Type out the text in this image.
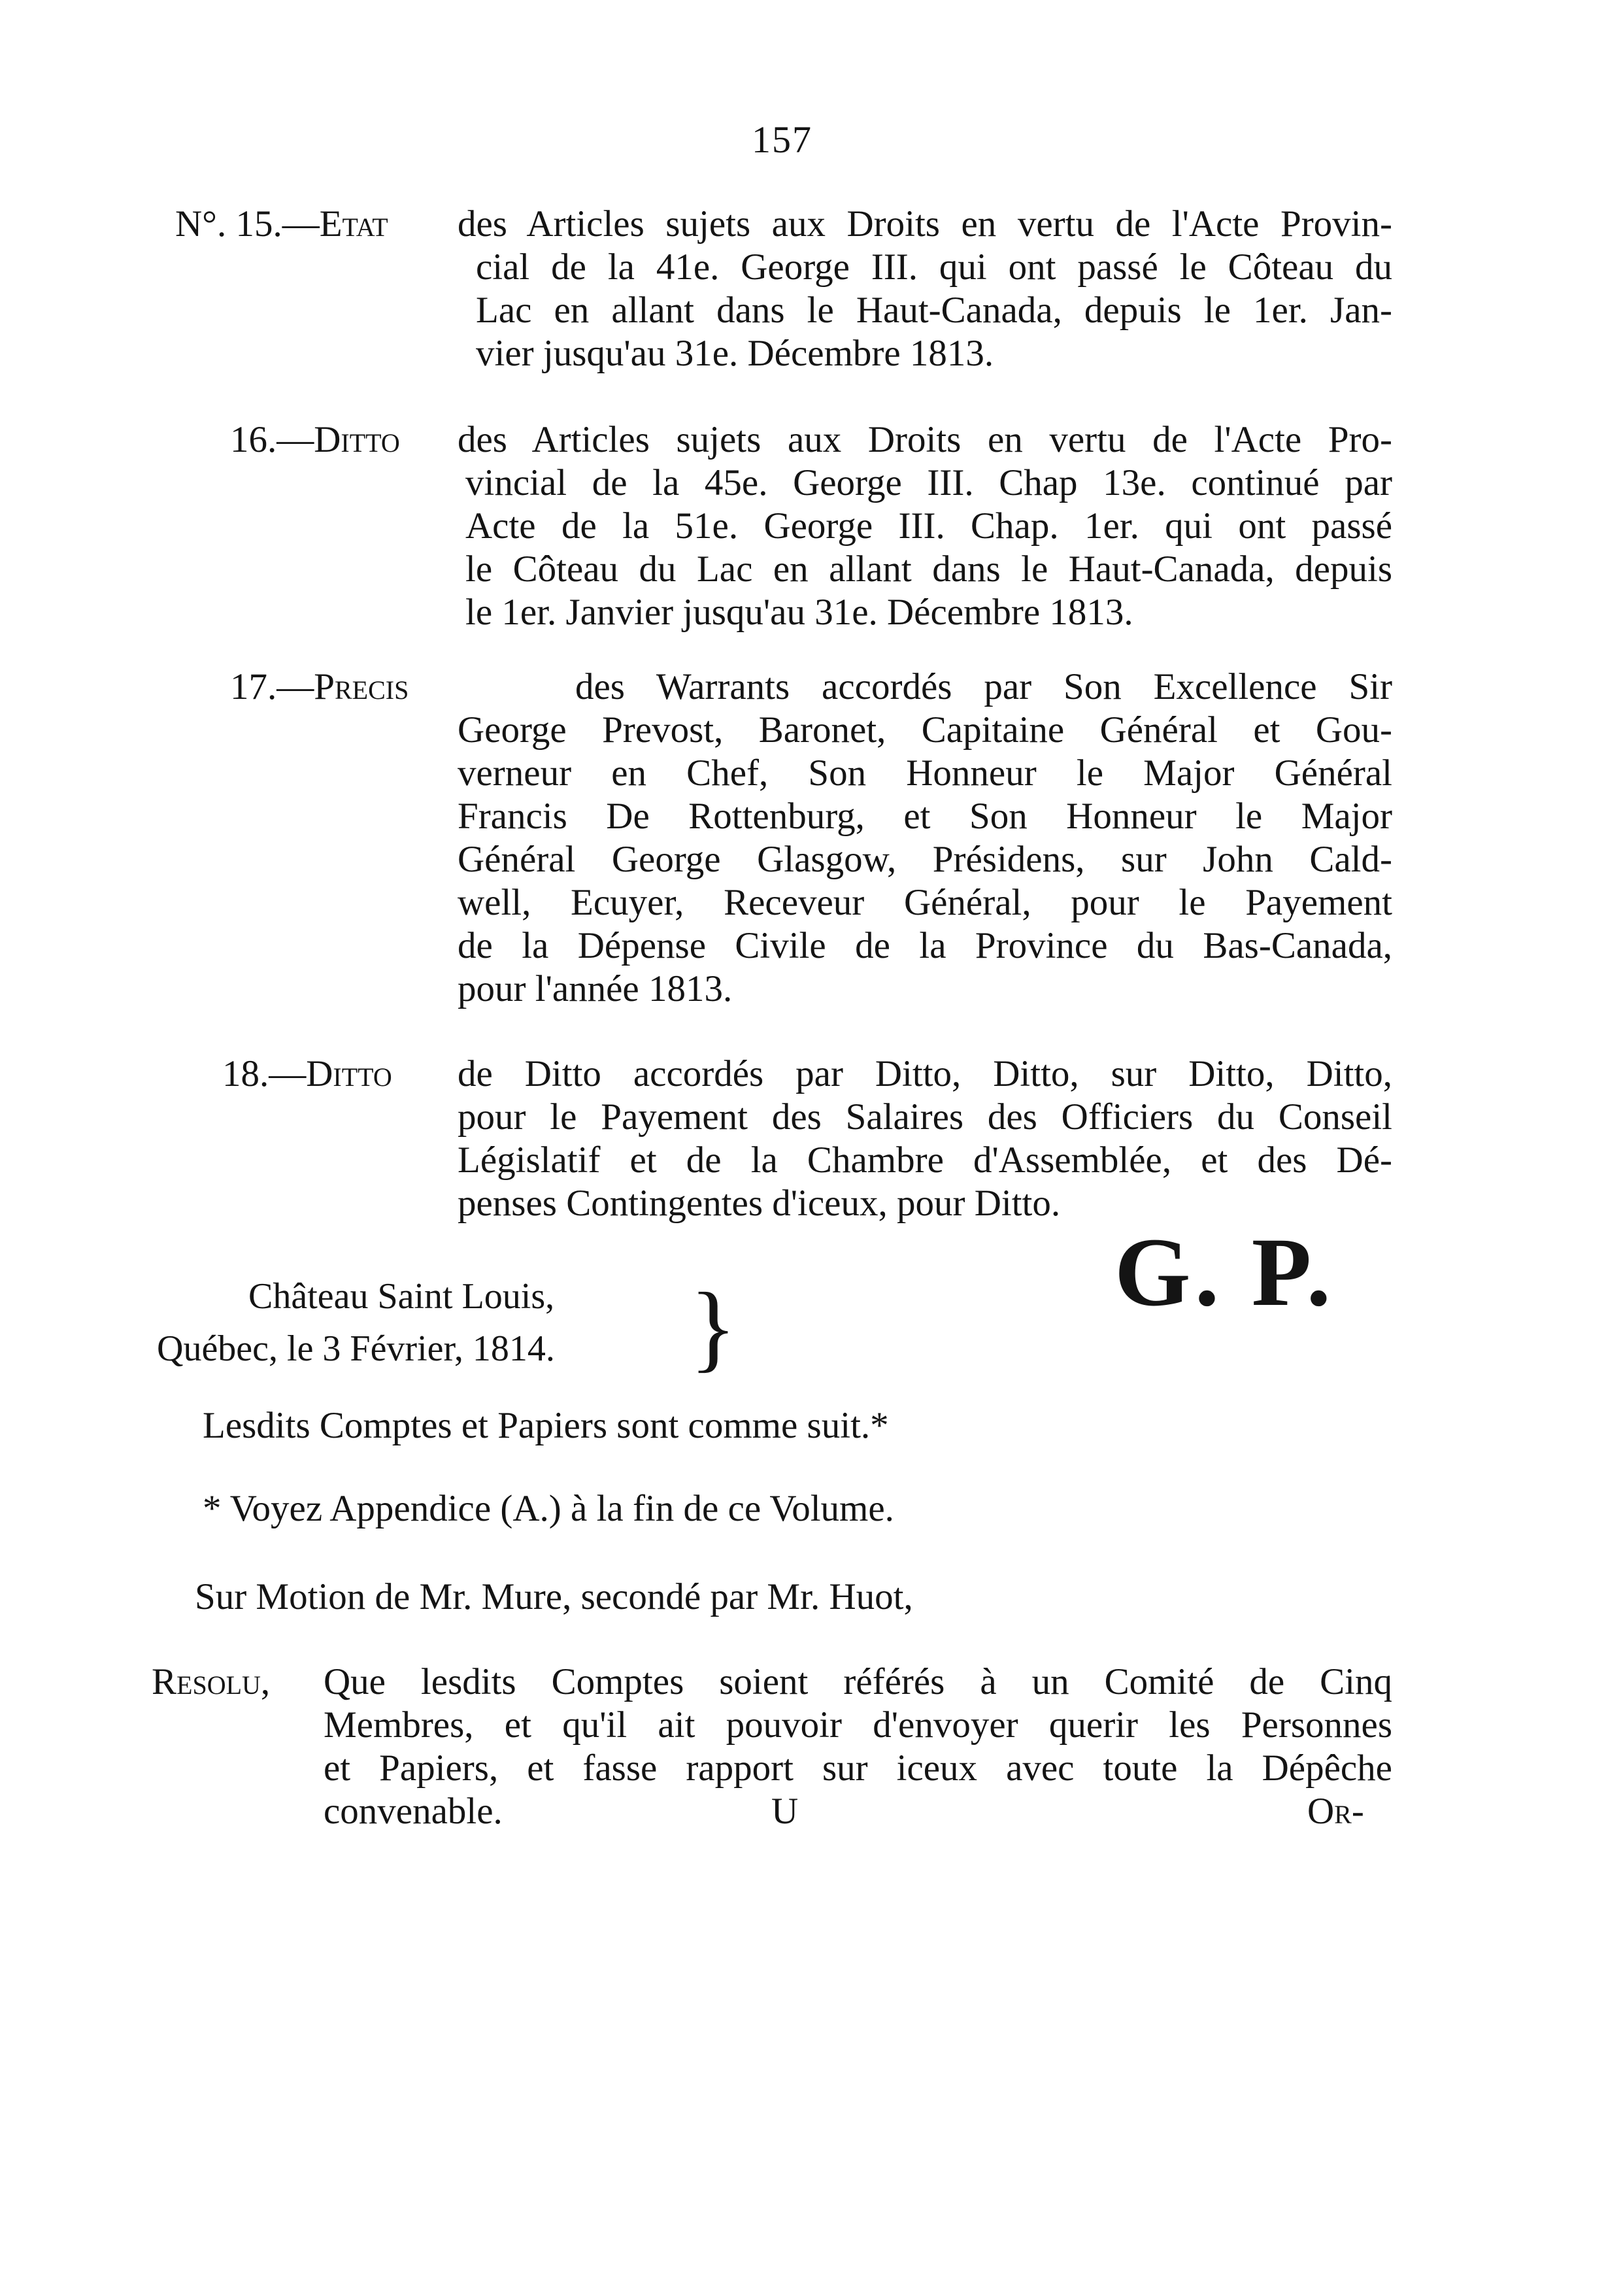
157
N°. 15.—Etat des Articles sujets aux Droits en vertu de l'Acte Provin-
cial de la 41e. George III. qui ont passé le Côteau du
Lac en allant dans le Haut-Canada, depuis le 1er. Jan-
vier jusqu'au 31e. Décembre 1813.
16.—Ditto des Articles sujets aux Droits en vertu de l'Acte Pro-
vincial de la 45e. George III. Chap 13e. continué par
Acte de la 51e. George III. Chap. 1er. qui ont passé
le Côteau du Lac en allant dans le Haut-Canada, depuis
le 1er. Janvier jusqu'au 31e. Décembre 1813.
17.—Precis	des Warrants accordés par Son Excellence Sir
George Prevost, Baronet, Capitaine Général et Gou-
verneur en Chef, Son Honneur le Major Général
Francis De Rottenburg, et Son Honneur le Major
Général George Glasgow, Présidens, sur John Cald-
well, Ecuyer, Receveur Général, pour le Payement
de la Dépense Civile de la Province du Bas-Canada,
pour l'année 1813.
18.—Ditto de Ditto accordés par Ditto, Ditto, sur Ditto, Ditto,
pour le Payement des Salaires des Officiers du Conseil
Législatif et de la Chambre d'Assemblée, et des Dé-
penses Contingentes d'iceux, pour Ditto.
G. P.
Château Saint Louis,
Québec, le 3 Février, 1814. }
Lesdits Comptes et Papiers sont comme suit.*
* Voyez Appendice (A.) à la fin de ce Volume.
Sur Motion de Mr. Mure, secondé par Mr. Huot,
Resolu, Que lesdits Comptes soient référés à un Comité de Cinq
Membres, et qu'il ait pouvoir d'envoyer querir les Personnes
et Papiers, et fasse rapport sur iceux avec toute la Dépêche
convenable.	U	Or-
